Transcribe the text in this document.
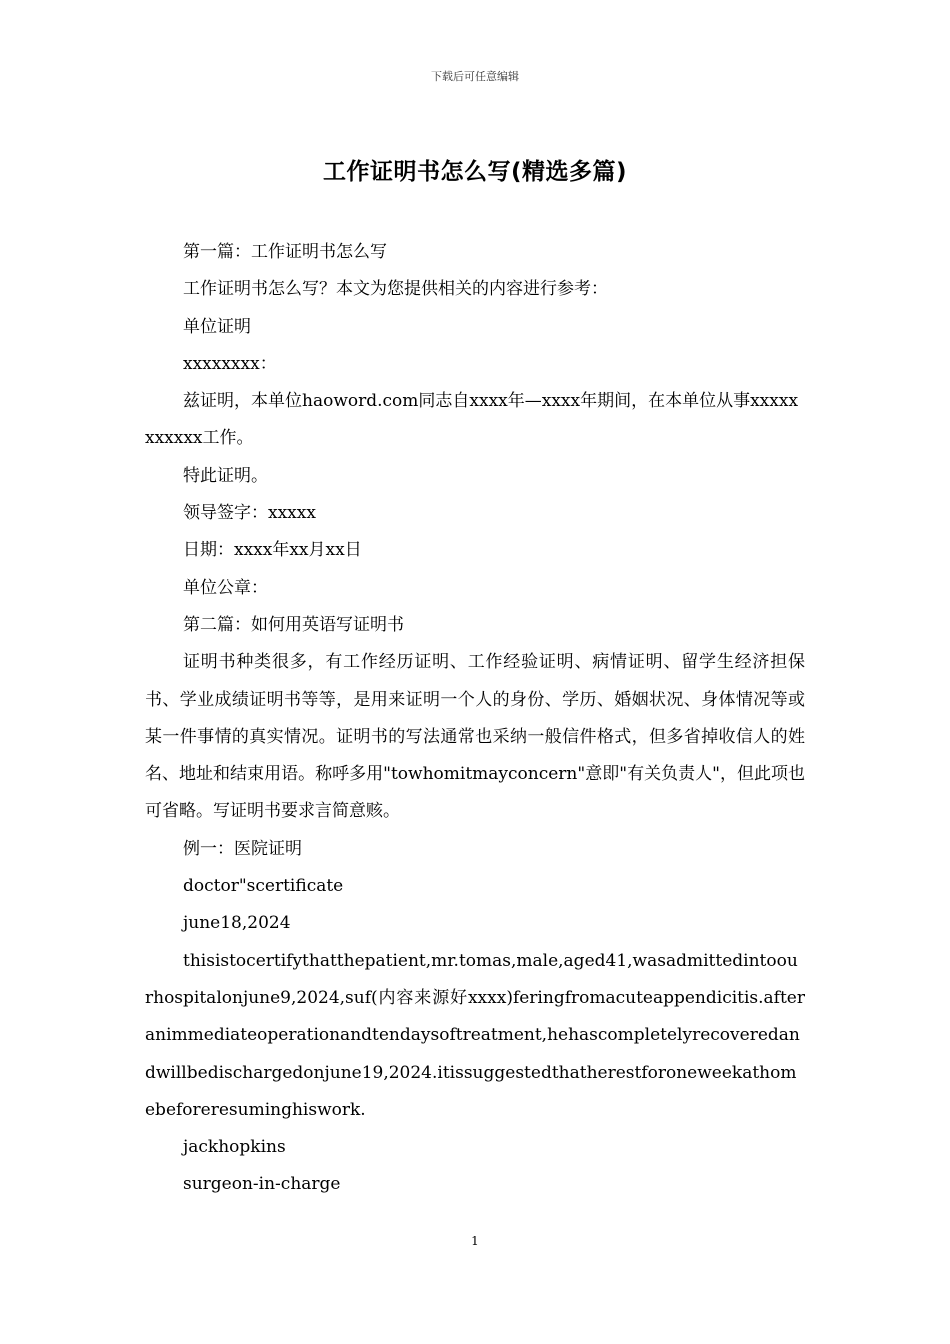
下载后可任意编辑
工作证明书怎么写(精选多篇)

第一篇：工作证明书怎么写

工作证明书怎么写？本文为您提供相关的内容进行参考：

单位证明

xxxxxxxx：

兹证明，本单位haoword.com同志自xxxx年—xxxx年期间，在本单位从事xxxxxxxxxxx工作。

特此证明。

领导签字：xxxxx

日期：xxxx年xx月xx日

单位公章：

第二篇：如何用英语写证明书

证明书种类很多，有工作经历证明、工作经验证明、病情证明、留学生经济担保书、学业成绩证明书等等，是用来证明一个人的身份、学历、婚姻状况、身体情况等或某一件事情的真实情况。证明书的写法通常也采纳一般信件格式，但多省掉收信人的姓名、地址和结束用语。称呼多用"towhomitmayconcern"意即"有关负责人"，但此项也可省略。写证明书要求言简意赅。

例一：医院证明

doctor"scertificate

june18,2024

thisistocertifythatthepatient,mr.tomas,male,aged41,wasadmittedintoourhospitalonjune9,2024,suf(内容来源好xxxx)feringfromacuteappendicitis.afteranimmediateoperationandtendaysoftreatment,hehascompletelyrecoveredandwillbedischargedonjune19,2024.itissuggestedthatherestforoneweekathomebeforeresuminghiswork.

jackhopkins

surgeon-in-charge

1
